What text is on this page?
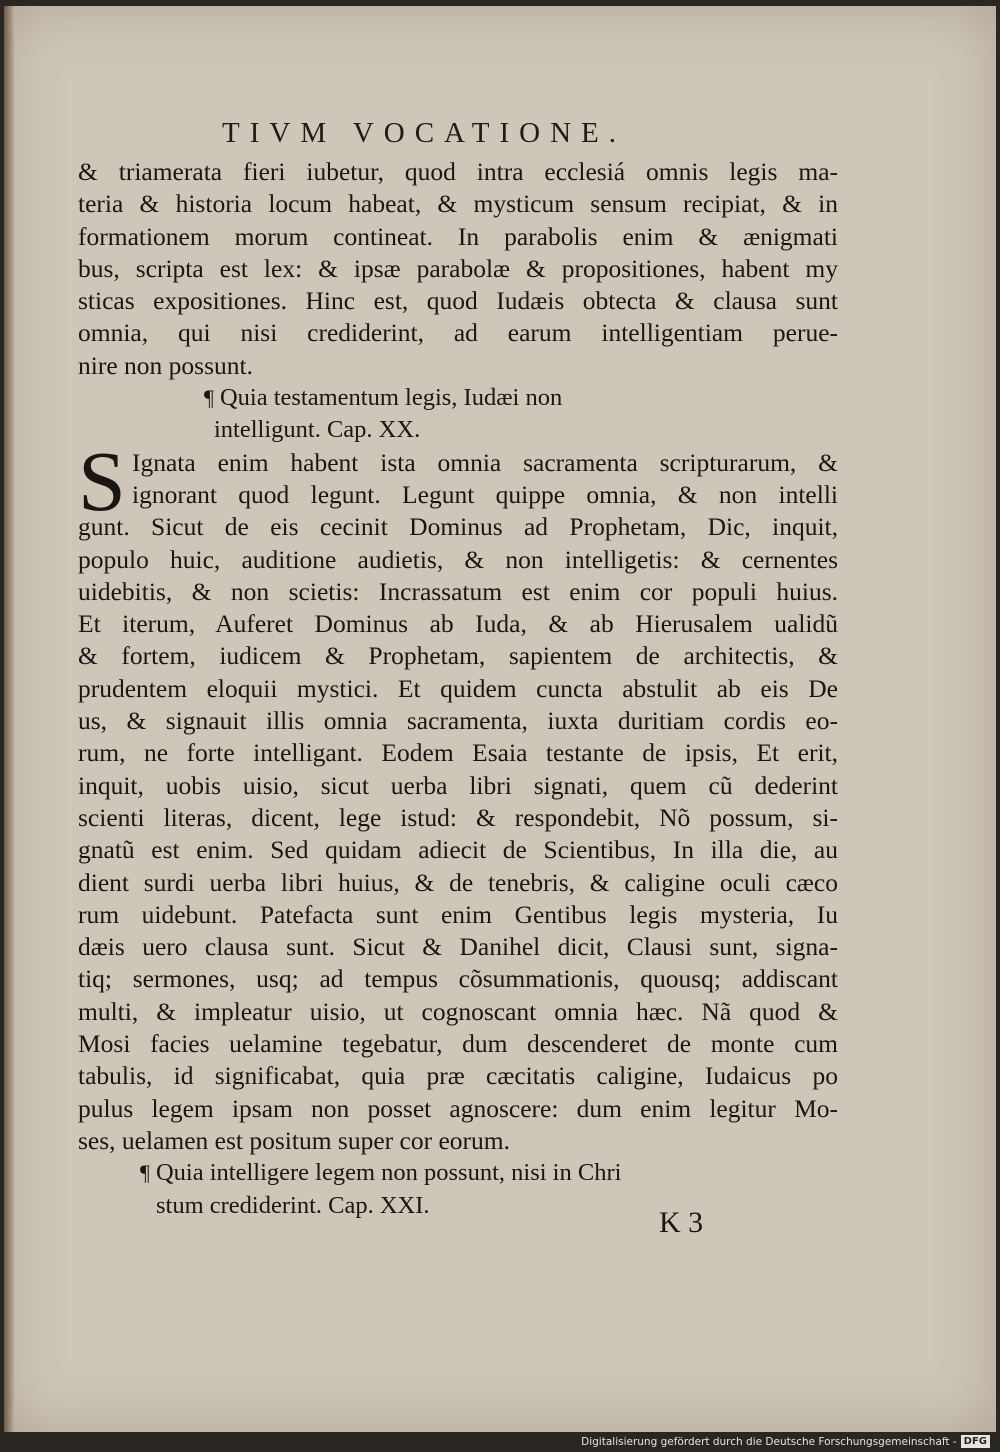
TIVM VOCATIONE.
& triamerata fieri iubetur, quod intra ecclesiá omnis legis ma-
teria & historia locum habeat, & mysticum sensum recipiat, & in
formationem morum contineat. In parabolis enim & ænigmati
bus, scripta est lex: & ipsæ parabolæ & propositiones, habent my
sticas expositiones. Hinc est, quod Iudæis obtecta & clausa sunt
omnia, qui nisi crediderint, ad earum intelligentiam perue-
nire non possunt.
¶ Quia testamentum legis, Iudæi non
intelligunt. Cap. XX.
S Ignata enim habent ista omnia sacramenta scripturarum, &
ignorant quod legunt. Legunt quippe omnia, & non intelli
gunt. Sicut de eis cecinit Dominus ad Prophetam, Dic, inquit,
populo huic, auditione audietis, & non intelligetis: & cernentes
uidebitis, & non scietis: Incrassatum est enim cor populi huius.
Et iterum, Auferet Dominus ab Iuda, & ab Hierusalem ualidũ
& fortem, iudicem & Prophetam, sapientem de architectis, &
prudentem eloquii mystici. Et quidem cuncta abstulit ab eis De
us, & signauit illis omnia sacramenta, iuxta duritiam cordis eo-
rum, ne forte intelligant. Eodem Esaia testante de ipsis, Et erit,
inquit, uobis uisio, sicut uerba libri signati, quem cũ dederint
scienti literas, dicent, lege istud: & respondebit, Nõ possum, si-
gnatũ est enim. Sed quidam adiecit de Scientibus, In illa die, au
dient surdi uerba libri huius, & de tenebris, & caligine oculi cæco
rum uidebunt. Patefacta sunt enim Gentibus legis mysteria, Iu
dæis uero clausa sunt. Sicut & Danihel dicit, Clausi sunt, signa-
tiq; sermones, usq; ad tempus cõsummationis, quousq; addiscant
multi, & impleatur uisio, ut cognoscant omnia hæc. Nã quod &
Mosi facies uelamine tegebatur, dum descenderet de monte cum
tabulis, id significabat, quia præ cæcitatis caligine, Iudaicus po
pulus legem ipsam non posset agnoscere: dum enim legitur Mo-
ses, uelamen est positum super cor eorum.
¶ Quia intelligere legem non possunt, nisi in Chri
stum crediderint. Cap. XXI.
K 3
Digitalisierung gefördert durch die Deutsche Forschungsgemeinschaft - DFG
